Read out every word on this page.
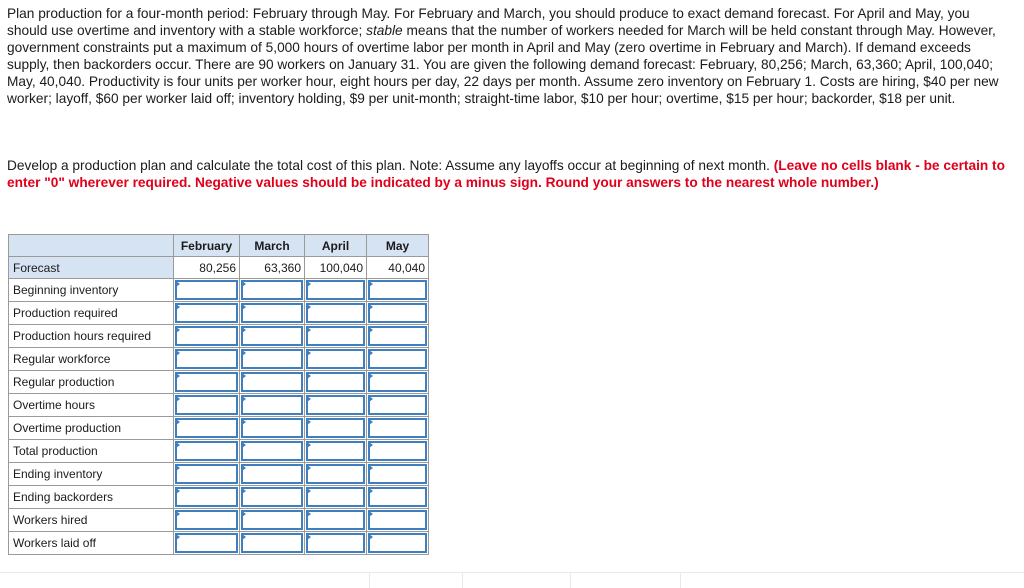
Plan production for a four-month period: February through May. For February and March, you should produce to exact demand forecast. For April and May, you should use overtime and inventory with a stable workforce; stable means that the number of workers needed for March will be held constant through May. However, government constraints put a maximum of 5,000 hours of overtime labor per month in April and May (zero overtime in February and March). If demand exceeds supply, then backorders occur. There are 90 workers on January 31. You are given the following demand forecast: February, 80,256; March, 63,360; April, 100,040; May, 40,040. Productivity is four units per worker hour, eight hours per day, 22 days per month. Assume zero inventory on February 1. Costs are hiring, $40 per new worker; layoff, $60 per worker laid off; inventory holding, $9 per unit-month; straight-time labor, $10 per hour; overtime, $15 per hour; backorder, $18 per unit.

Develop a production plan and calculate the total cost of this plan. Note: Assume any layoffs occur at beginning of next month. (Leave no cells blank - be certain to enter "0" wherever required. Negative values should be indicated by a minus sign. Round your answers to the nearest whole number.)

	February	March	April	May
Forecast	80,256	63,360	100,040	40,040
Beginning inventory	

Production required	

Production hours required	

Regular workforce	

Regular production	

Overtime hours	

Overtime production	

Total production	

Ending inventory	

Ending backorders	

Workers hired	

Workers laid off	
